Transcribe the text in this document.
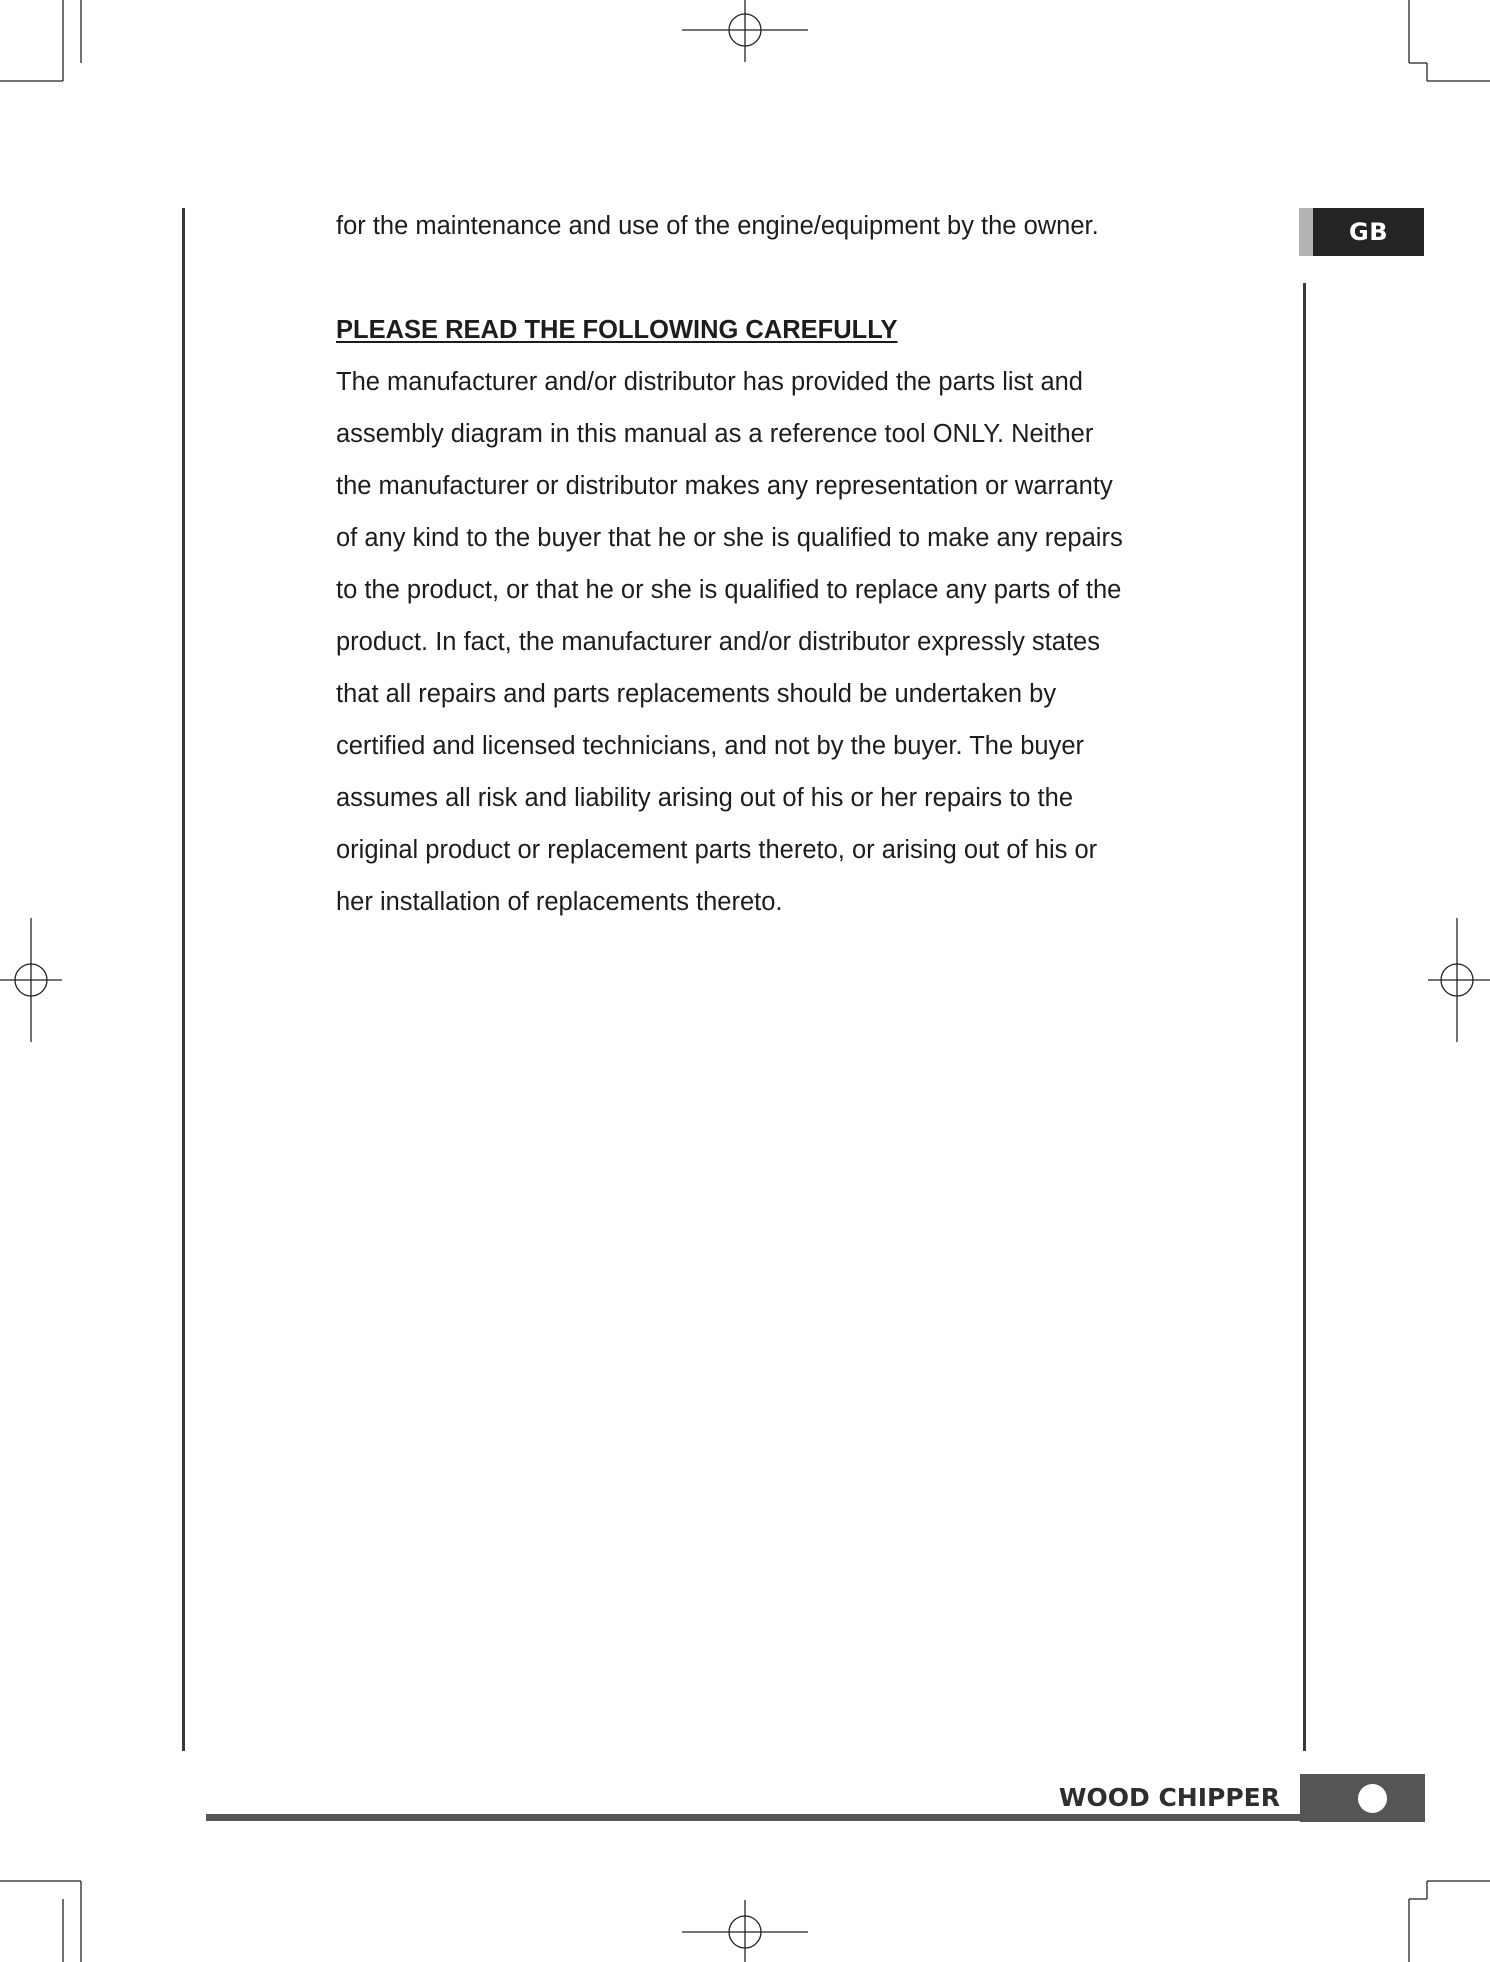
GB

for the maintenance and use of the engine/equipment by the owner.

PLEASE READ THE FOLLOWING CAREFULLY

The manufacturer and/or distributor has provided the parts list and

assembly diagram in this manual as a reference tool ONLY. Neither

the manufacturer or distributor makes any representation or warranty

of any kind to the buyer that he or she is qualified to make any repairs

to the product, or that he or she is qualified to replace any parts of the

product. In fact, the manufacturer and/or distributor expressly states

that all repairs and parts replacements should be undertaken by

certified and licensed technicians, and not by the buyer. The buyer

assumes all risk and liability arising out of his or her repairs to the

original product or replacement parts thereto, or arising out of his or

her installation of replacements thereto.

WOOD CHIPPER
